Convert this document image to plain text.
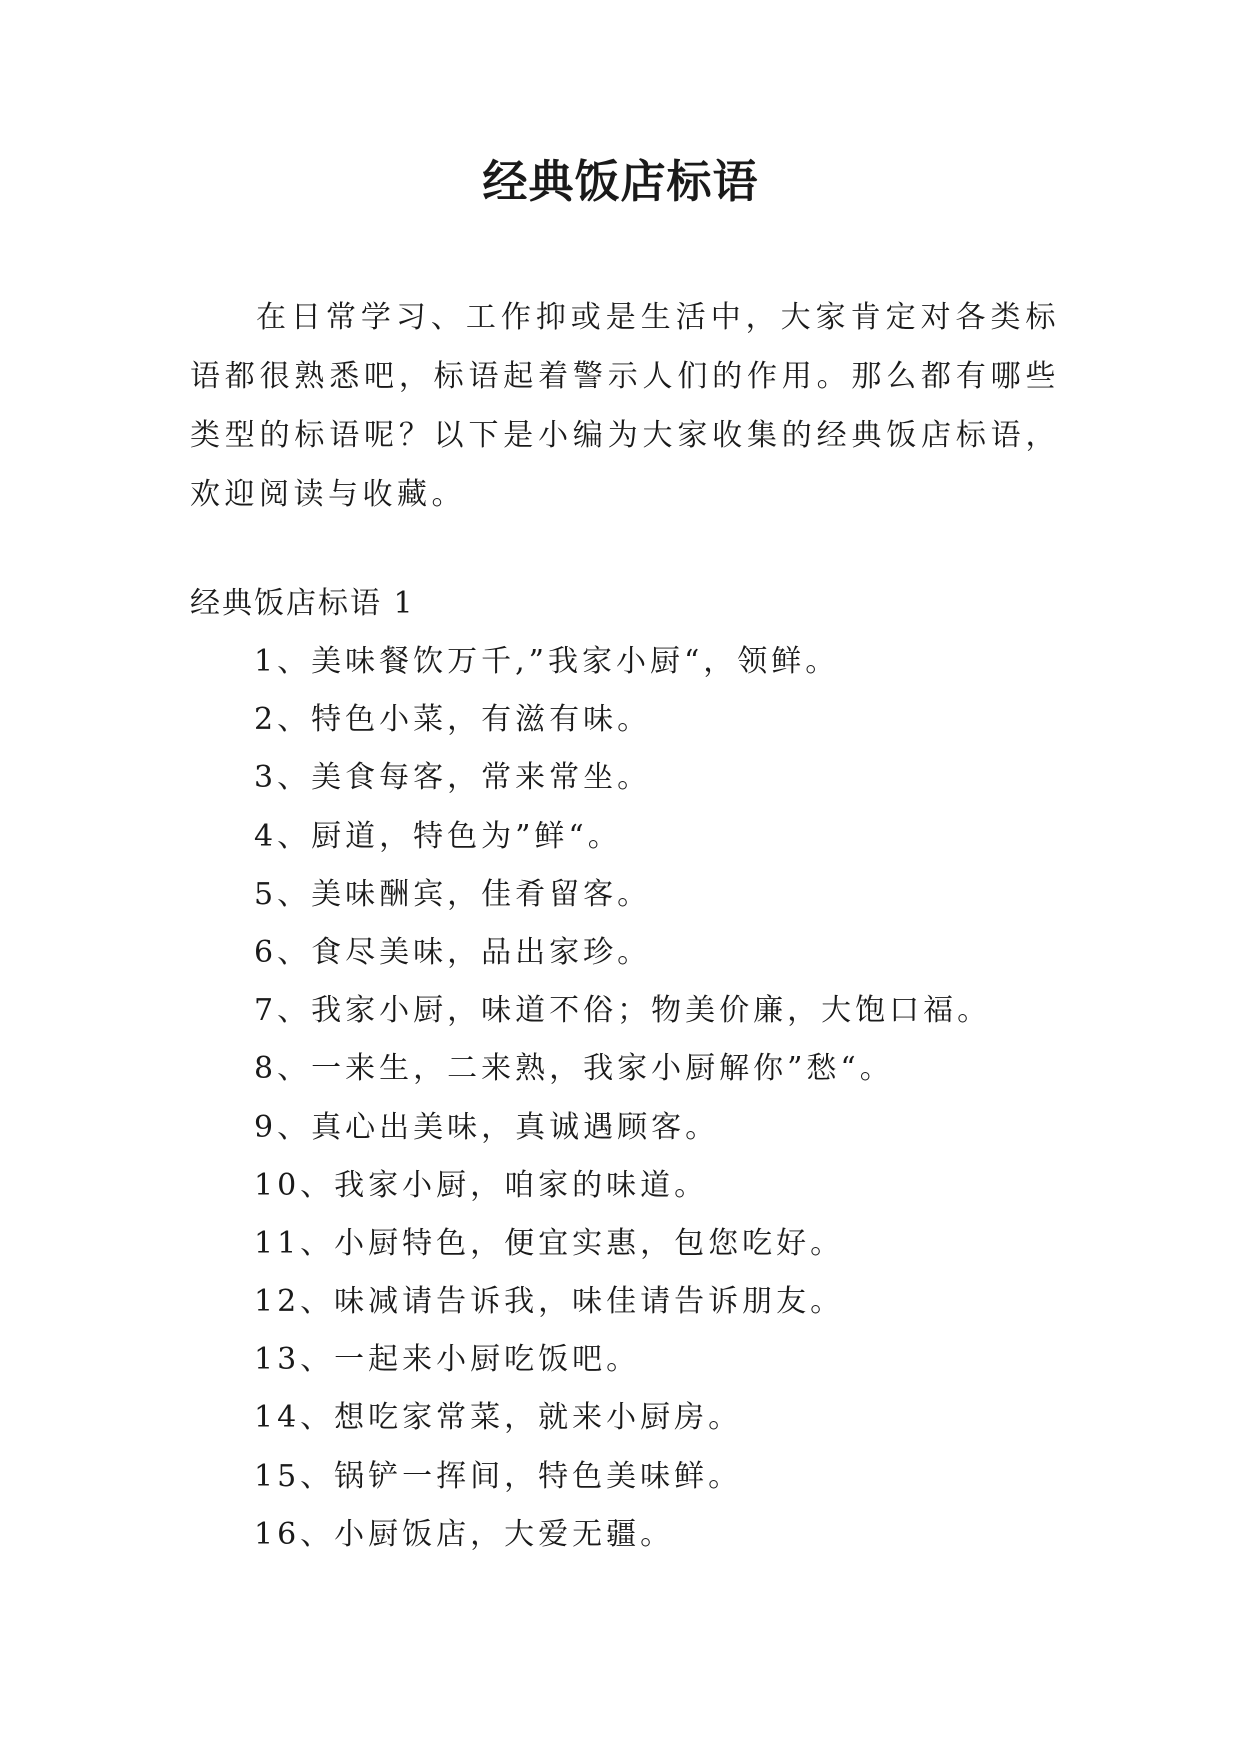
经典饭店标语

在日常学习、工作抑或是生活中，大家肯定对各类标语都很熟悉吧，标语起着警示人们的作用。那么都有哪些类型的标语呢？以下是小编为大家收集的经典饭店标语，欢迎阅读与收藏。

经典饭店标语 1
1、美味餐饮万千,”我家小厨“，领鲜。
2、特色小菜，有滋有味。
3、美食每客，常来常坐。
4、厨道，特色为”鲜“。
5、美味酬宾，佳肴留客。
6、食尽美味，品出家珍。
7、我家小厨，味道不俗；物美价廉，大饱口福。
8、一来生，二来熟，我家小厨解你”愁“。
9、真心出美味，真诚遇顾客。
10、我家小厨，咱家的味道。
11、小厨特色，便宜实惠，包您吃好。
12、味减请告诉我，味佳请告诉朋友。
13、一起来小厨吃饭吧。
14、想吃家常菜，就来小厨房。
15、锅铲一挥间，特色美味鲜。
16、小厨饭店，大爱无疆。
